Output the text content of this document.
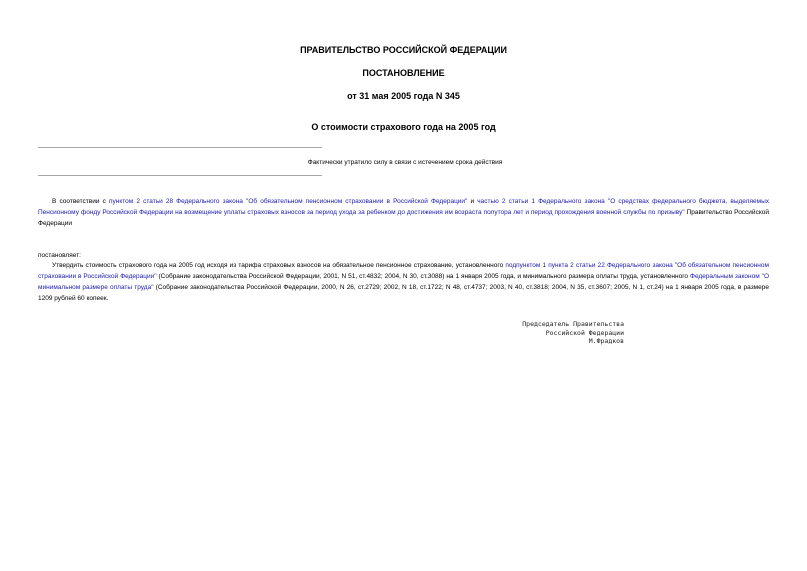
ПРАВИТЕЛЬСТВО РОССИЙСКОЙ ФЕДЕРАЦИИ
ПОСТАНОВЛЕНИЕ
от 31 мая 2005 года N 345
О стоимости страхового года на 2005 год
Фактически утратило силу в связи с истечением срока действия
В соответствии с пунктом 2 статьи 28 Федерального закона "Об обязательном пенсионном страховании в Российской Федерации" и частью 2 статьи 1 Федерального закона "О средствах федерального бюджета, выделяемых Пенсионному фонду Российской Федерации на возмещение уплаты страховых взносов за период ухода за ребенком до достижения им возраста полутора лет и период прохождения военной службы по призыву" Правительство Российской Федерации
постановляет:
Утвердить стоимость страхового года на 2005 год исходя из тарифа страховых взносов на обязательное пенсионное страхование, установленного подпунктом 1 пункта 2 статьи 22 Федерального закона "Об обязательном пенсионном страховании в Российской Федерации" (Собрание законодательства Российской Федерации, 2001, N 51, ст.4832; 2004, N 30, ст.3088) на 1 января 2005 года, и минимального размера оплаты труда, установленного Федеральным законом "О минимальном размере оплаты труда" (Собрание законодательства Российской Федерации, 2000, N 26, ст.2729; 2002, N 18, ст.1722; N 48, ст.4737; 2003, N 40, ст.3818; 2004, N 35, ст.3607; 2005, N 1, ст.24) на 1 января 2005 года, в размере 1209 рублей 60 копеек.
Председатель Правительства
Российской Федерации
М.Фрадков
